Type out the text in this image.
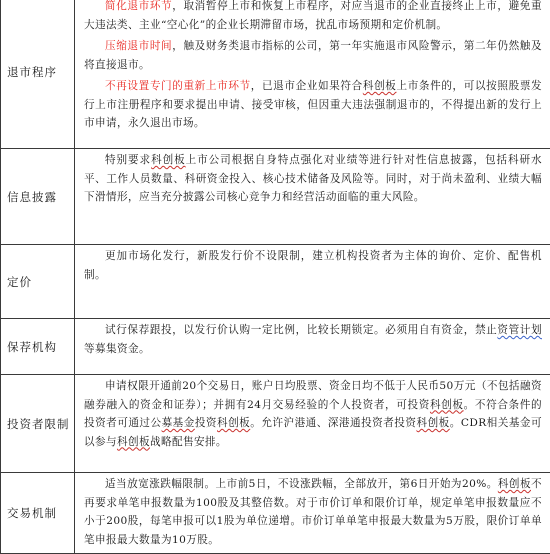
退市程序	简化退市环节，取消暂停上市和恢复上市程序，对应当退市的企业直接终止上市，避免重大违法类、主业“空心化”的企业长期滞留市场，扰乱市场预期和定价机制。
压缩退市时间，触及财务类退市指标的公司，第一年实施退市风险警示，第二年仍然触及将直接退市。
不再设置专门的重新上市环节，已退市企业如果符合科创板上市条件的，可以按照股票发行上市注册程序和要求提出申请、接受审核，但因重大违法强制退市的，不得提出新的发行上市申请，永久退出市场。

信息披露	特别要求科创板上市公司根据自身特点强化对业绩等进行针对性信息披露，包括科研水平、工作人员数量、科研资金投入、核心技术储备及风险等。同时，对于尚未盈利、业绩大幅下滑情形，应当充分披露公司核心竞争力和经营活动面临的重大风险。

定价	更加市场化发行，新股发行价不设限制，建立机构投资者为主体的询价、定价、配售机制。

保荐机构	试行保荐跟投，以发行价认购一定比例，比较长期锁定。必须用自有资金，禁止资管计划等募集资金。

投资者限制	申请权限开通前20个交易日，账户日均股票、资金日均不低于人民币50万元（不包括融资融券融入的资金和证券）；并拥有24月交易经验的个人投资者，可投资科创板。不符合条件的投资者可通过公募基金投资科创板。允许沪港通、深港通投资者投资科创板。CDR相关基金可以参与科创板战略配售安排。

交易机制	适当放宽涨跌幅限制。上市前5日，不设涨跌幅，全部放开，第6日开始为20%。科创板不再要求单笔申报数量为100股及其整倍数。对于市价订单和限价订单，规定单笔申报数量应不小于200股，每笔申报可以1股为单位递增。市价订单单笔申报最大数量为5万股，限价订单单笔申报最大数量为10万股。
